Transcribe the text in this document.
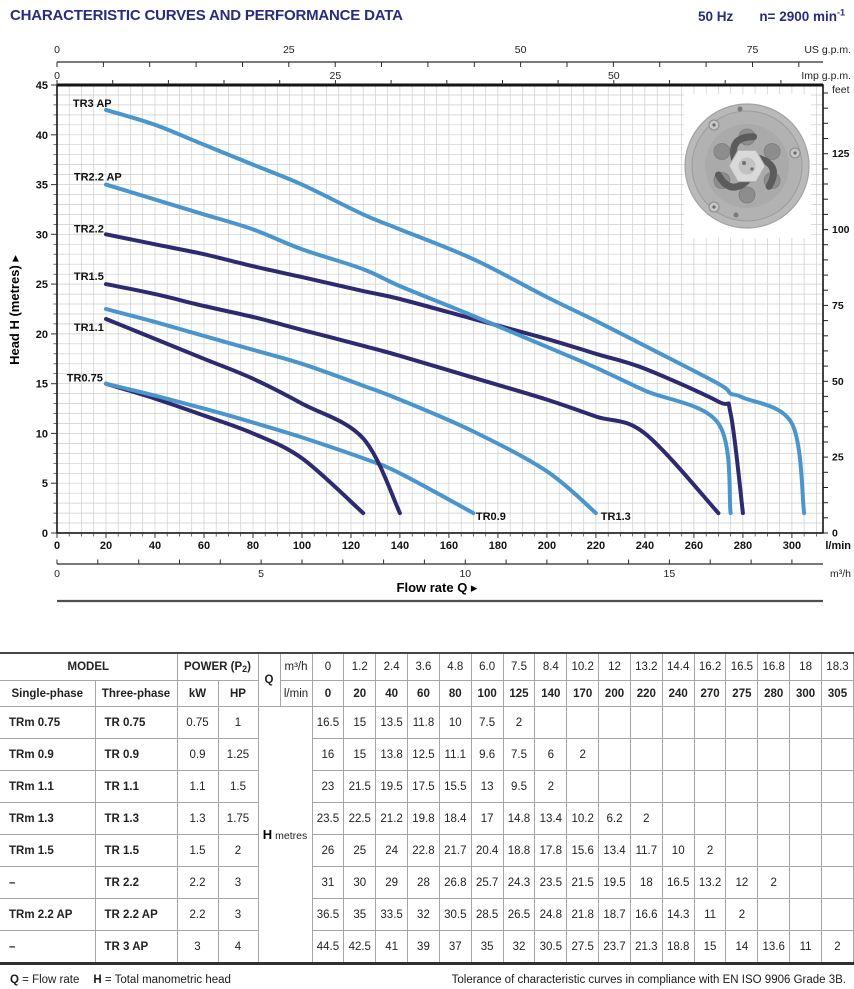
CHARACTERISTIC CURVES AND PERFORMANCE DATA	50 Hz n= 2900 $\min^{-1}$
0	25	50	75	US g.p.m.
0	25	50	Imp g.p.m.
0
5
10
15
20
25
30
35
40
45
0
25
50
75
100
125
feet
0	20	40	60	80	100	120	140	160	180	200	220	240	260	280	300 l/min
0	5	10	15	m³/h
Flow rate Q ▸
Head H (metres) ▸
TR0.75
TR0.9
TR1.1
TR1.3
TR1.5
TR2.2
TR2.2 AP
TR3 AP
MODEL		POWER (P2)		Q	m³/h	0	1.2	2.4	3.6	4.8	6.0	7.5	8.4	10.2	12	13.2	14.4	16.2	16.5	16.8	18	18.3
Single-phase	Three-phase	kW	HP		l/min	0	20	40	60	80	100	125	140	170	200	220	240	270	275	280	300	305
TRm 0.75	TR 0.75	0.75	1	H metres		16.5	15	13.5	11.8	10	7.5	2										
TRm 0.9	TR 0.9	0.9	1.25			16	15	13.8	12.5	11.1	9.6	7.5	6	2								
TRm 1.1	TR 1.1	1.1	1.5			23	21.5	19.5	17.5	15.5	13	9.5	2									
TRm 1.3	TR 1.3	1.3	1.75			23.5	22.5	21.2	19.8	18.4	17	14.8	13.4	10.2	6.2	2						
TRm 1.5	TR 1.5	1.5	2			26	25	24	22.8	21.7	20.4	18.8	17.8	15.6	13.4	11.7	10	2				
–	TR 2.2	2.2	3			31	30	29	28	26.8	25.7	24.3	23.5	21.5	19.5	18	16.5	13.2	12	2		
TRm 2.2 AP	TR 2.2 AP	2.2	3			36.5	35	33.5	32	30.5	28.5	26.5	24.8	21.8	18.7	16.6	14.3	11	2			
–	TR 3 AP	3	4			44.5	42.5	41	39	37	35	32	30.5	27.5	23.7	21.3	18.8	15	14	13.6	11	2
Q = Flow rate H = Total manometric head	Tolerance of characteristic curves in compliance with EN ISO 9906 Grade 3B.
